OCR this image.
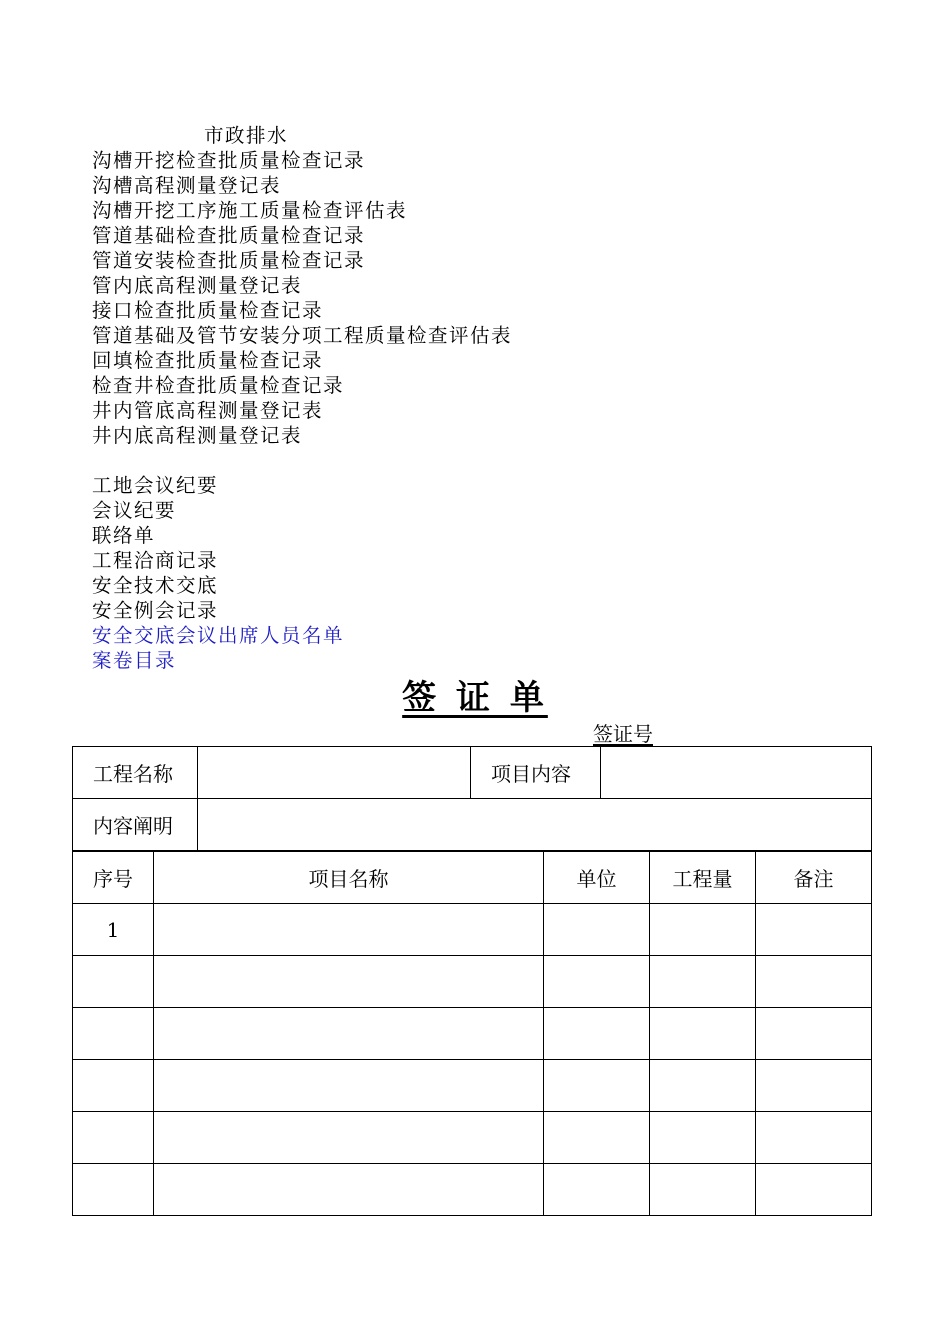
市政排水
沟槽开挖检查批质量检查记录
沟槽高程测量登记表
沟槽开挖工序施工质量检查评估表
管道基础检查批质量检查记录
管道安装检查批质量检查记录
管内底高程测量登记表
接口检查批质量检查记录
管道基础及管节安装分项工程质量检查评估表
回填检查批质量检查记录
检查井检查批质量检查记录
井内管底高程测量登记表
井内底高程测量登记表
工地会议纪要
会议纪要
联络单
工程洽商记录
安全技术交底
安全例会记录
安全交底会议出席人员名单
案卷目录
签 证 单
签证号
工程名称		项目内容	
内容阐明			
序号	项目名称	单位	工程量	备注
1				
